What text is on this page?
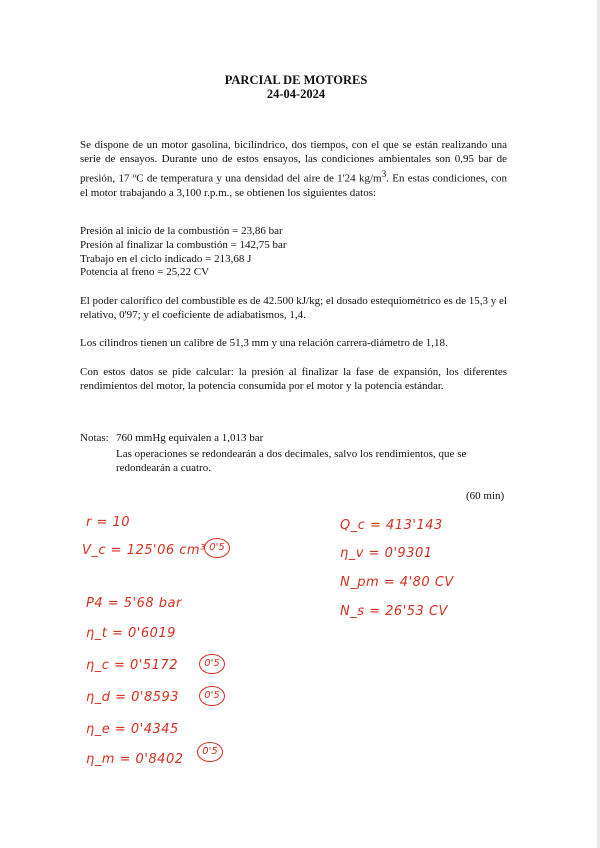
PARCIAL DE MOTORES
24-04-2024

Se dispone de un motor gasolina, bicilíndrico, dos tiempos, con el que se están realizando una serie de ensayos. Durante uno de estos ensayos, las condiciones ambientales son 0,95 bar de presión, 17 ºC de temperatura y una densidad del aire de 1'24 $kg/m^3$. En estas condiciones, con el motor trabajando a 3,100 r.p.m., se obtienen los siguientes datos:

Presión al inicio de la combustión = 23,86 bar
Presión al finalizar la combustión = 142,75 bar
Trabajo en el ciclo indicado = 213,68 J
Potencia al freno = 25,22 CV

El poder calorífico del combustible es de 42.500 kJ/kg; el dosado estequiométrico es de 15,3 y el relativo, 0'97; y el coeficiente de adiabatismos, 1,4.

Los cilindros tienen un calibre de 51,3 mm y una relación carrera-diámetro de 1,18.

Con estos datos se pide calcular: la presión al finalizar la fase de expansión, los diferentes rendimientos del motor, la potencia consumida por el motor y la potencia estándar.

Notas: 760 mmHg equivalen a 1,013 bar

Las operaciones se redondearán a dos decimales, salvo los rendimientos, que se redondearán a cuatro.

(60 min)
r = 10
V_c = 125'06 cm³ 0'5
P4 = 5'68 bar
η_t = 0'6019
η_c = 0'5172	0'5
η_d = 0'8593	0'5
η_e = 0'4345
η_m = 0'8402
0'5
Q_c = 413'143
η_v = 0'9301
N_pm = 4'80 CV
N_s = 26'53 CV
